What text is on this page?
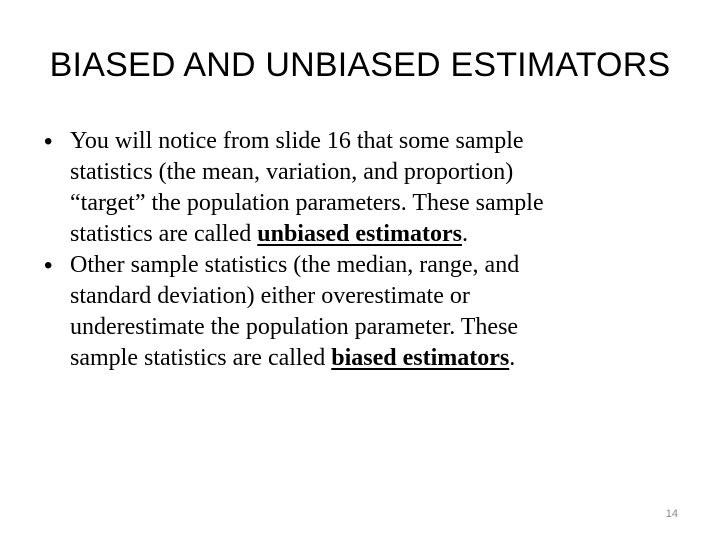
BIASED AND UNBIASED ESTIMATORS
• You will notice from slide 16 that some sample
statistics (the mean, variation, and proportion)
“target” the population parameters. These sample
statistics are called unbiased estimators.
• Other sample statistics (the median, range, and
standard deviation) either overestimate or
underestimate the population parameter. These
sample statistics are called biased estimators.
14
